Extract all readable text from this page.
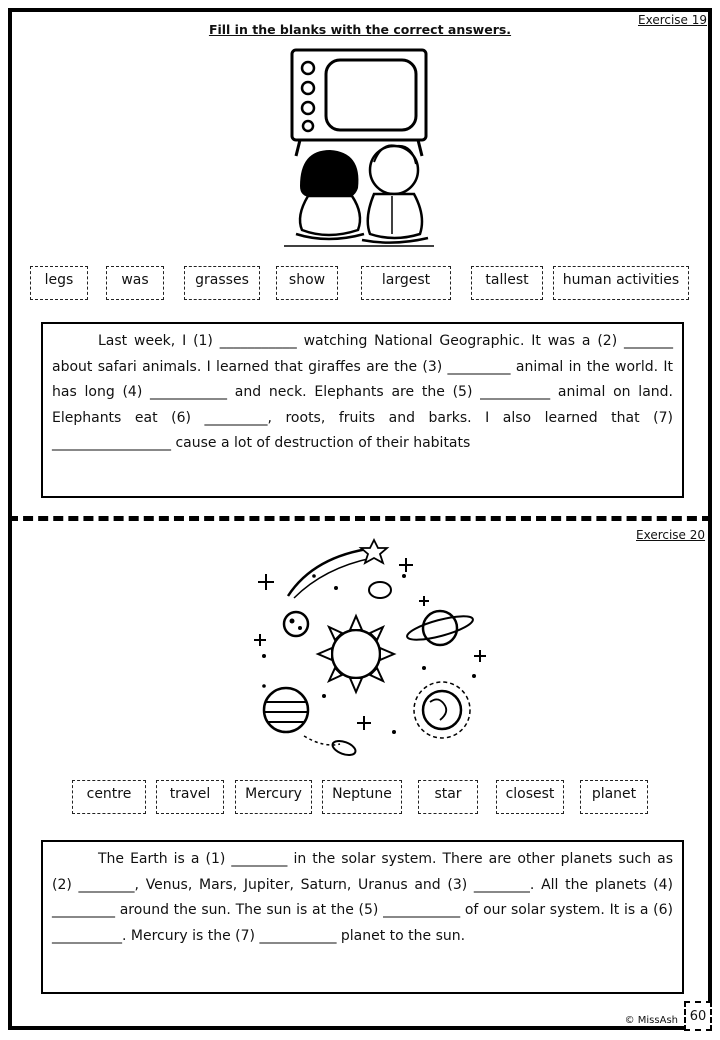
Exercise 19
Fill in the blanks with the correct answers.
legs	was	grasses	show	largest	tallest human activities

Last week, I (1) ___________ watching National Geographic. It was a (2) _______ about safari animals. I learned that giraffes are the (3) _________ animal in the world. It has long (4) ___________ and neck. Elephants are the (5) __________ animal on land. Elephants eat (6) _________, roots, fruits and barks. I also learned that (7) _________________ cause a lot of destruction of their habitats

Exercise 20
centre	travel Mercury Neptune	star	closest	planet

The Earth is a (1) ________ in the solar system. There are other planets such as (2) ________, Venus, Mars, Jupiter, Saturn, Uranus and (3) ________. All the planets (4) _________ around the sun. The sun is at the (5) ___________ of our solar system. It is a (6) __________. Mercury is the (7) ___________ planet to the sun.

© MissAsh 60
